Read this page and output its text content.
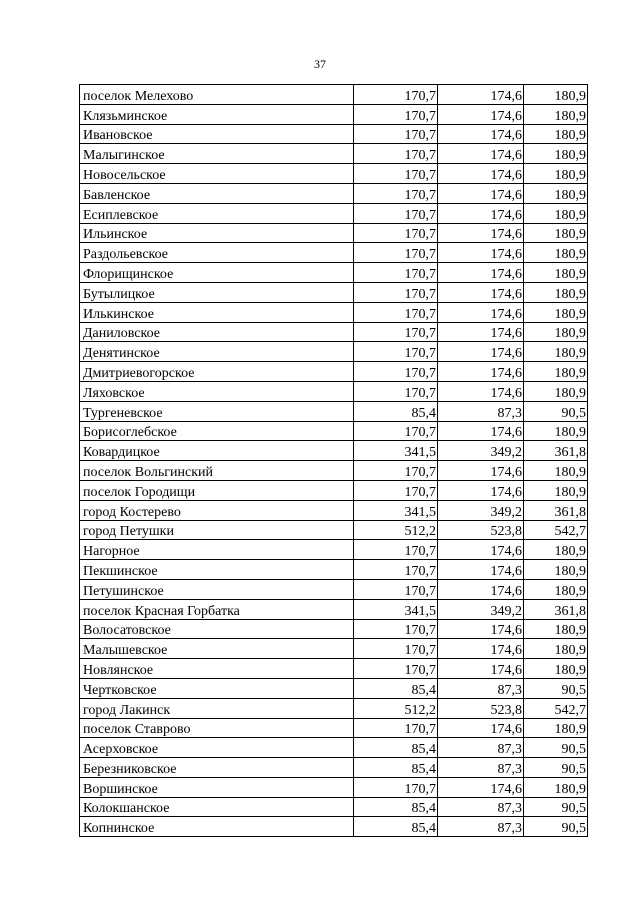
37
поселок Мелехово	170,7	174,6	180,9
Клязьминское	170,7	174,6	180,9
Ивановское	170,7	174,6	180,9
Малыгинское	170,7	174,6	180,9
Новосельское	170,7	174,6	180,9
Бавленское	170,7	174,6	180,9
Есиплевское	170,7	174,6	180,9
Ильинское	170,7	174,6	180,9
Раздольевское	170,7	174,6	180,9
Флорищинское	170,7	174,6	180,9
Бутылицкое	170,7	174,6	180,9
Илькинское	170,7	174,6	180,9
Даниловское	170,7	174,6	180,9
Денятинское	170,7	174,6	180,9
Дмитриевогорское	170,7	174,6	180,9
Ляховское	170,7	174,6	180,9
Тургеневское	85,4	87,3	90,5
Борисоглебское	170,7	174,6	180,9
Ковардицкое	341,5	349,2	361,8
поселок Вольгинский	170,7	174,6	180,9
поселок Городищи	170,7	174,6	180,9
город Костерево	341,5	349,2	361,8
город Петушки	512,2	523,8	542,7
Нагорное	170,7	174,6	180,9
Пекшинское	170,7	174,6	180,9
Петушинское	170,7	174,6	180,9
поселок Красная Горбатка	341,5	349,2	361,8
Волосатовское	170,7	174,6	180,9
Малышевское	170,7	174,6	180,9
Новлянское	170,7	174,6	180,9
Чертковское	85,4	87,3	90,5
город Лакинск	512,2	523,8	542,7
поселок Ставрово	170,7	174,6	180,9
Асерховское	85,4	87,3	90,5
Березниковское	85,4	87,3	90,5
Воршинское	170,7	174,6	180,9
Колокшанское	85,4	87,3	90,5
Копнинское	85,4	87,3	90,5
